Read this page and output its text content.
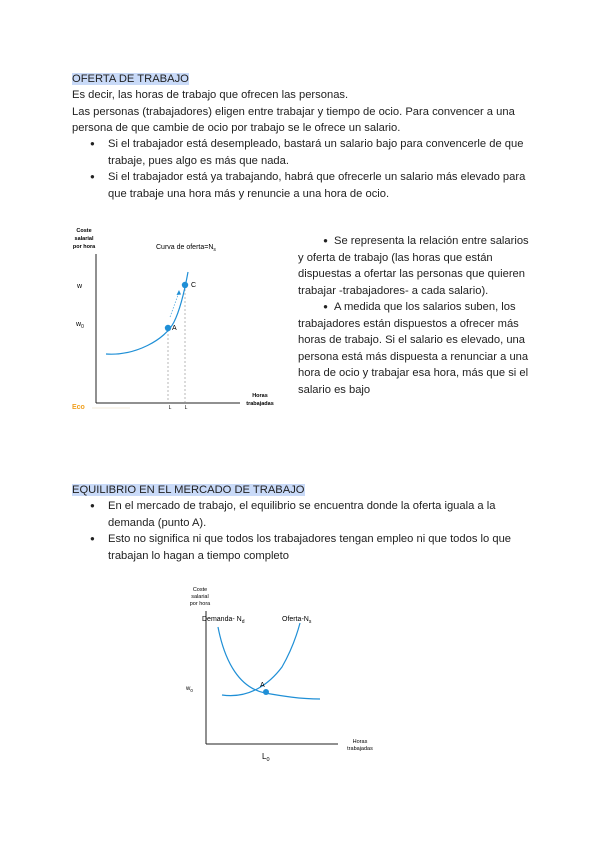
OFERTA DE TRABAJO
Es decir, las horas de trabajo que ofrecen las personas.
Las personas (trabajadores) eligen entre trabajar y tiempo de ocio. Para convencer a una
persona de que cambie de ocio por trabajo se le ofrece un salario.
● Si el trabajador está desempleado, bastará un salario bajo para convencerle de que
trabaje, pues algo es más que nada.
● Si el trabajador está ya trabajando, habrá que ofrecerle un salario más elevado para
que trabaje una hora más y renuncie a una hora de ocio.
Coste
salarial
por hora	Curva de $oferta=N_s$
w
$w_0$	A
C
Horas
trabajadas
L
L
Eco
● Se representa la relación entre salarios
y oferta de trabajo (las horas que están
dispuestas a ofertar las personas que quieren
trabajar -trabajadores- a cada salario).
● A medida que los salarios suben, los
trabajadores están dispuestos a ofrecer más
horas de trabajo. Si el salario es elevado, una
persona está más dispuesta a renunciar a una
hora de ocio y trabajar esa hora, más que si el
salario es bajo
EQUILIBRIO EN EL MERCADO DE TRABAJO
● En el mercado de trabajo, el equilibrio se encuentra donde la oferta iguala a la
demanda (punto A).
● Esto no significa ni que todos los trabajadores tengan empleo ni que todos lo que
trabajan lo hagan a tiempo completo
Coste
salarial
por hora
Demanda- $N_d$	Oferta-$N_s$
A
$w_0$
Horas
trabajadas
$L_0$
